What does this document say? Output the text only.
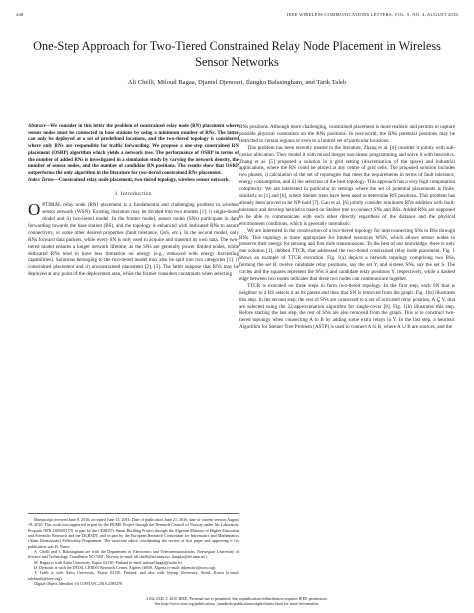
448	IEEE WIRELESS COMMUNICATIONS LETTERS, VOL. 5, NO. 4, AUGUST 2016
One-Step Approach for Two-Tiered Constrained Relay Node Placement in Wireless Sensor Networks
Ali Chelli, Miloud Bagaa, Djamel Djenouri, Ilangko Balasingham, and Tarik Taleb

Abstract—We consider in this letter the problem of constrained relay node (RN) placement where sensor nodes must be connected to base stations by using a minimum number of RNs. The latter can only be deployed at a set of predefined locations, and the two-tiered topology is considered where only RNs are responsible for traffic forwarding. We propose a one-step constrained RN placement (OSRP) algorithm which yields a network tree. The performance of OSRP in terms of the number of added RNs is investigated in a simulation study by varying the network density, the number of sensor nodes, and the number of candidate RN positions. The results show that OSRP outperforms the only algorithm in the literature for two-tiered constrained RNs placement.

Index Terms—Constrained relay node placement, two-tiered topology, wireless sensor network.

I. Introduction

OPTIMAL relay node (RN) placement is a fundamental and challenging problem in wireless sensor network (WSN). Existing literature may be divided into two models [1]: i) single-tiered model and ii) two-tiered model. In the former model, sensor nodes (SNs) participate in data forwarding towards the base station (BS), and the topology is enhanced with dedicated RNs to assure connectivity, or some other desired properties (fault tolerance, QoS, etc.). In the second model, only RNs forward data packets, while every SN is only used to acquire and transmit its own data. The two-tiered model ensures a longer network lifetime, as the SNs are generally power limited nodes, while dedicated RNs tend to have less limitation on energy (e.g., endowed with energy harvesting capabilities). Solutions belonging to the two-tiered model may also be split into two categories [1]: i) constrained placement and ii) unconstrained placement [2], [3]. The latter suppose that RNs may be deployed at any point of the deployment area, while the former considers constraints when selecting

Manuscript received June 8, 2016; accepted June 15, 2016. Date of publication June 21, 2016; date of current version August 19, 2016. This work was supported in part by the HOME Project through the Research Council of Norway under Idc Laboratory Program NFR 238848/O70, in part by the CERIST's Smart Building Project through the Algerian Ministry of Higher Education and Scientific Research and the DGRSDT, and in part by the European Research Consortium for Informatics and Mathematics (Alain Bensoussan) Fellowship Programme. The associate editor coordinating the review of this paper and approving it for publication was H. Yomo.

A. Chelli and I. Balasingham are with the Department of Electronics and Telecommunications, Norwegian University of Science and Technology, Trondheim NO 7491, Norway (e-mail: ali.chelli@iet.ntnu.no; ilangko@iet.ntnu.no).

M. Bagaa is with Aalto University, Espoo 02150, Finland (e-mail: miloud.bagaa@aalto.fi).

D. Djenouri is with the DTISI, CERIST Research Center, Algiers 16030, Algeria (e-mail: ddjenouri@acm.org).

T. Taleb is with Aalto University, Espoo 02150, Finland, and also with Sejong University, Seoul, Korea (e-mail: talebtarik@ieee.org).

Digital Object Identifier 10.1109/LWC.2016.2585478

RNs positions. Although more challenging, constrained placement is more realistic and permits to capture possible physical constraints on the RNs positions. In real-world, the RNs potential positions may be restricted to certain regions or even to a limited set of particular locations.

This problem has been recently treated in the literature. Zhang et al. [4] consider it jointly with sub-carrier allocation. They model it with mixed integer non-linear programming and solve it with heuristics. Zhang et al. [5] proposed a solution in a grid setting (discretization of the space) and industrial applications, where the RN could be placed at any centre of grid cells. The proposed solution includes two phases, i) calculation of the set of topologies that meet the requirements in terms of fault tolerance, energy consumption, and ii) the selection of the best topology. This approach has a very high computation complexity. We are interested in particular in settings where the set of potential placements is finite, similarly to [1] and [6], where Steiner trees have been used to determine RN positions. This problem has already been proved to be NP-hard [7]. Gao et al. [6] jointly consider minimum RNs addition with fault-tolerance and develop heuristics based on Steiner tree to connect SNs and BSs. Added RNs are supposed to be able to communicate with each other directly regardless of the distance and the physical environment conditions, which is generally unrealistic.

We are interested in the construction of a two-tiered topology for interconnecting SNs to BSs through RNs. This topology is more appropriate for limited resources WSN, which allows sensor nodes to preserve their energy for sensing and first mile transmissions. To the best of our knowledge, there is only one solution [1], dubbed TTCR, that addressed the two-tiered constrained relay node placement. Fig. 1 shows an example of TTCR execution. Fig. 1(a) depicts a network topology comprising two BSs, forming the set B, twelve candidate relay positions, say the set Y, and sixteen SNs, say the set S. The circles and the squares represent the SNs S and candidate relay positions Y, respectively, while a dashed edge between two nodes indicates that these two nodes can communicate together.

TTCR is executed on three steps to form two-tiered topology. In the first step, each SN that is neighbor to a BS selects it as its parent and then that SN is removed from the graph. Fig. 1(b) illustrates this step. In the second step, the rest of SNs are connected to a set of activated relay position, A ⊆ Y, that are selected using the 22-approximation algorithm for single-cover [8]. Fig. 1(b) illustrates this step. Before starting the last step, the rest of SNs are also removed from the graph. This is to construct two-tiered topology when connecting A to B by adding some extra relays in Y. In the last step, a heuristic Algorithm for Steiner Tree Problem (ASTP) is used to connect A to B, where A ∪ B are sources, and the

2162-2345 © 2016 IEEE. Personal use is permitted, but republication/redistribution requires IEEE permission.
See http://www.ieee.org/publications_standards/publications/rights/index.html for more information.
